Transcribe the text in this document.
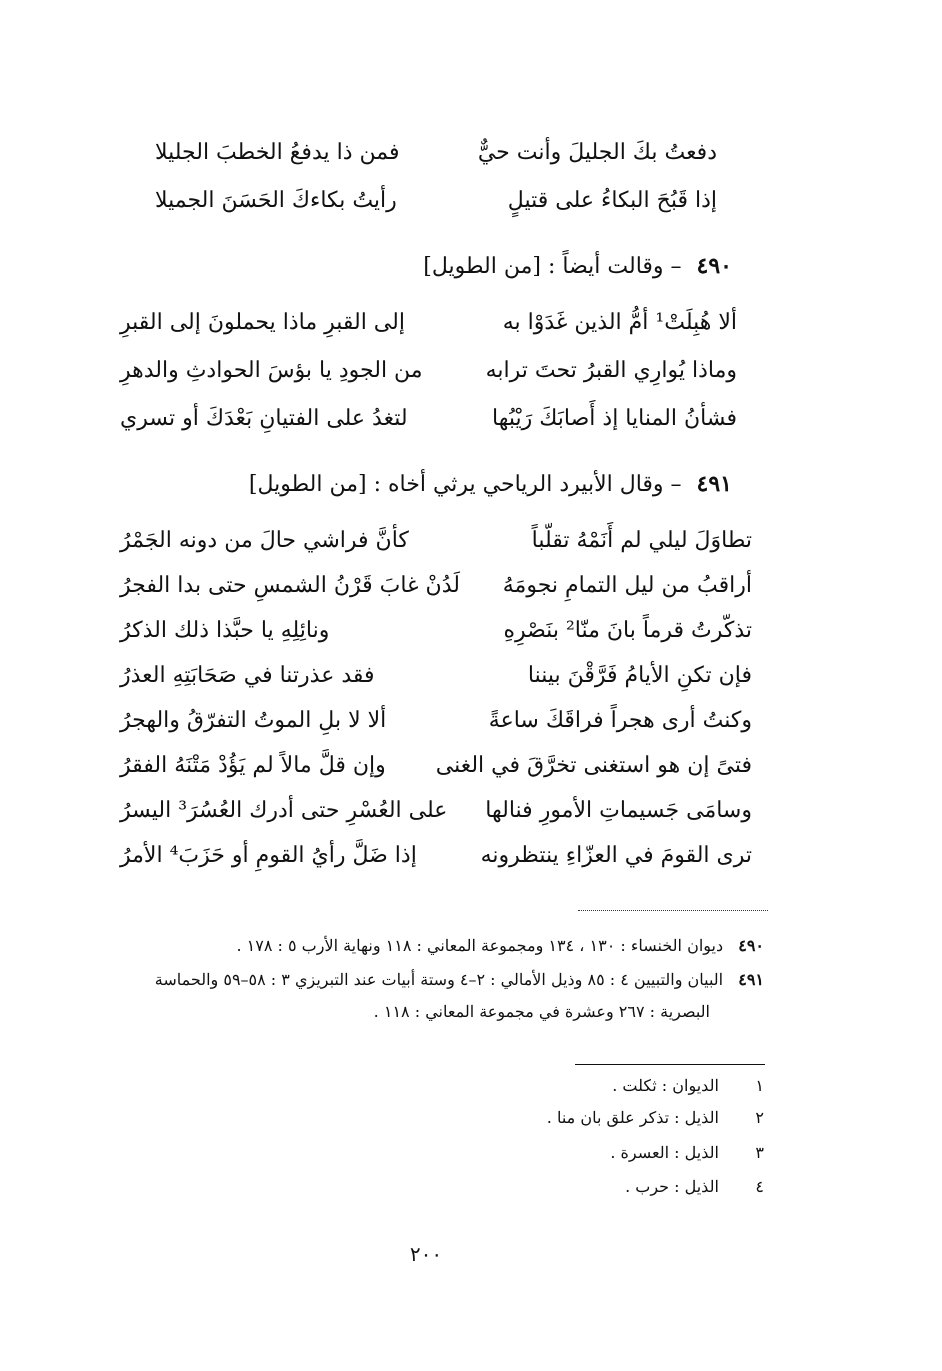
دفعتُ بكَ الجليلَ وأنت حيٌّ
فمن ذا يدفعُ الخطبَ الجليلا
إذا قَبُحَ البكاءُ على قتيلٍ
رأيتُ بكاءكَ الحَسَنَ الجميلا
٤٩٠ – وقالت أيضاً : [من الطويل]
ألا هُبِلَتْ¹ أمُّ الذين غَدَوْا به
إلى القبرِ ماذا يحملونَ إلى القبرِ
وماذا يُوارِي القبرُ تحتَ ترابه
من الجودِ يا بؤسَ الحوادثِ والدهرِ
فشأنُ المنايا إذ أَصابَكَ رَيْبُها
لتغدُ على الفتيانِ بَعْدَكَ أو تسري
٤٩١ – وقال الأبيرد الرياحي يرثي أخاه : [من الطويل]
تطاوَلَ ليلي لم أَنَمْهُ تقلّباً
كأنَّ فراشي حالَ من دونه الجَمْرُ
أراقبُ من ليل التمامِ نجومَهُ
لَدُنْ غابَ قَرْنُ الشمسِ حتى بدا الفجرُ
تذكّرتُ قرماً بانَ منّا² بنَصْرِهِ
ونائِلِهِ يا حبَّذا ذلك الذكرُ
فإن تكنِ الأيامُ فَرَّقْنَ بيننا
فقد عذرتنا في صَحَابَتِهِ العذرُ
وكنتُ أرى هجراً فراقَكَ ساعةً
ألا لا بلِ الموتُ التفرّقُ والهجرُ
فتىً إن هو استغنى تخرَّقَ في الغنى
وإن قلَّ مالاً لم يَؤُدْ مَتْنَهُ الفقرُ
وسامَى جَسيماتِ الأمورِ فنالها
على العُسْرِ حتى أدرك العُسُرَ³ اليسرُ
ترى القومَ في العزّاءِ ينتظرونه
إذا ضَلَّ رأيُ القومِ أو حَزَبَ⁴ الأمرُ
٤٩٠ ديوان الخنساء : ١٣٠ ، ١٣٤ ومجموعة المعاني : ١١٨ ونهاية الأرب ٥ : ١٧٨ .
٤٩١ البيان والتبيين ٤ : ٨٥ وذيل الأمالي : ٢–٤ وستة أبيات عند التبريزي ٣ : ٥٨–٥٩ والحماسة
البصرية : ٢٦٧ وعشرة في مجموعة المعاني : ١١٨ .
١ الديوان : ثكلت .
٢ الذيل : تذكر علق بان منا .
٣ الذيل : العسرة .
٤ الذيل : حرب .
٢٠٠
